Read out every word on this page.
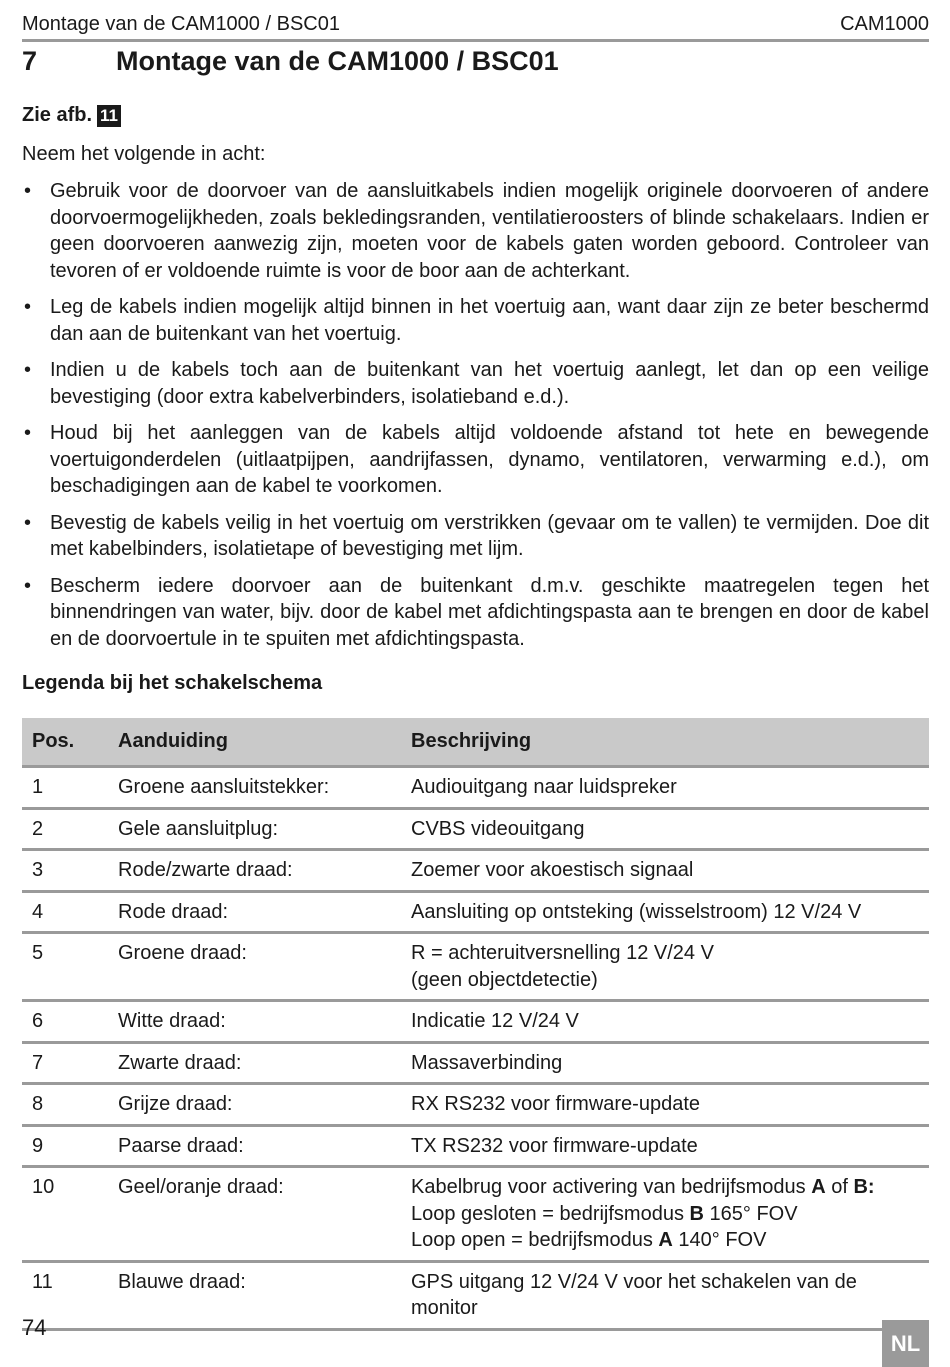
Montage van de CAM1000 / BSC01	CAM1000
7	Montage van de CAM1000 / BSC01
Zie afb. 11
Neem het volgende in acht:
• Gebruik voor de doorvoer van de aansluitkabels indien mogelijk originele doorvoeren of andere doorvoermogelijkheden, zoals bekledingsranden, ventilatieroosters of blinde schakelaars. Indien er geen doorvoeren aanwezig zijn, moeten voor de kabels gaten worden geboord. Controleer van tevoren of er voldoende ruimte is voor de boor aan de achterkant.
• Leg de kabels indien mogelijk altijd binnen in het voertuig aan, want daar zijn ze beter beschermd dan aan de buitenkant van het voertuig.
• Indien u de kabels toch aan de buitenkant van het voertuig aanlegt, let dan op een veilige bevestiging (door extra kabelverbinders, isolatieband e.d.).
• Houd bij het aanleggen van de kabels altijd voldoende afstand tot hete en bewegende voertuigonderdelen (uitlaatpijpen, aandrijfassen, dynamo, ventilatoren, verwarming e.d.), om beschadigingen aan de kabel te voorkomen.
• Bevestig de kabels veilig in het voertuig om verstrikken (gevaar om te vallen) te vermijden. Doe dit met kabelbinders, isolatietape of bevestiging met lijm.
• Bescherm iedere doorvoer aan de buitenkant d.m.v. geschikte maatregelen tegen het binnendringen van water, bijv. door de kabel met afdichtingspasta aan te brengen en door de kabel en de doorvoertule in te spuiten met afdichtingspasta.
Legenda bij het schakelschema
Pos.	Aanduiding	Beschrijving
1	Groene aansluitstekker:	Audiouitgang naar luidspreker

2	Gele aansluitplug:	CVBS videouitgang

3	Rode/zwarte draad:	Zoemer voor akoestisch signaal

4	Rode draad:	Aansluiting op ontsteking (wisselstroom) 12 V/24 V

5	Groene draad:	R = achteruitversnelling 12 V/24 V
(geen objectdetectie)

6	Witte draad:	Indicatie 12 V/24 V

7	Zwarte draad:	Massaverbinding

8	Grijze draad:	RX RS232 voor firmware-update

9	Paarse draad:	TX RS232 voor firmware-update

10	Geel/oranje draad:	Kabelbrug voor activering van bedrijfsmodus A of B:
Loop gesloten = bedrijfsmodus B 165° FOV
Loop open = bedrijfsmodus A 140° FOV

11	Blauwe draad:	GPS uitgang 12 V/24 V voor het schakelen van de
monitor
74
NL
